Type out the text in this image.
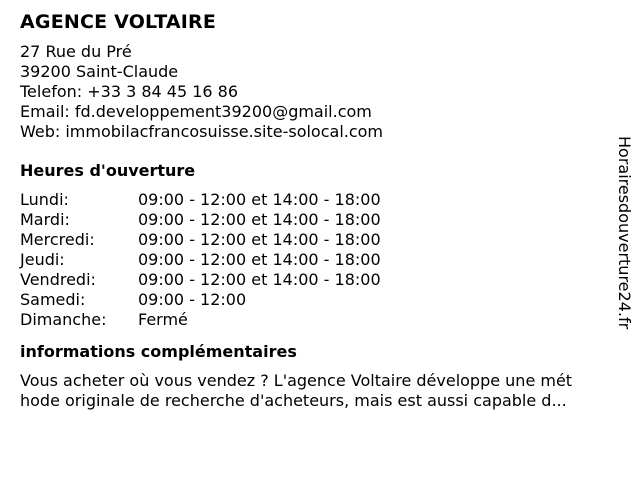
AGENCE VOLTAIRE
27 Rue du Pré
39200 Saint-Claude
Telefon: +33 3 84 45 16 86
Email: fd.developpement39200@gmail.com
Web: immobilacfrancosuisse.site-solocal.com
Heures d'ouverture
Lundi:	09:00 - 12:00 et 14:00 - 18:00
Mardi:	09:00 - 12:00 et 14:00 - 18:00
Mercredi:	09:00 - 12:00 et 14:00 - 18:00
Jeudi:	09:00 - 12:00 et 14:00 - 18:00
Vendredi:	09:00 - 12:00 et 14:00 - 18:00
Samedi:	09:00 - 12:00
Dimanche:	Fermé
informations complémentaires
Vous acheter où vous vendez ? L'agence Voltaire développe une mét
hode originale de recherche d'acheteurs, mais est aussi capable d...
Horairesdouverture24.fr
